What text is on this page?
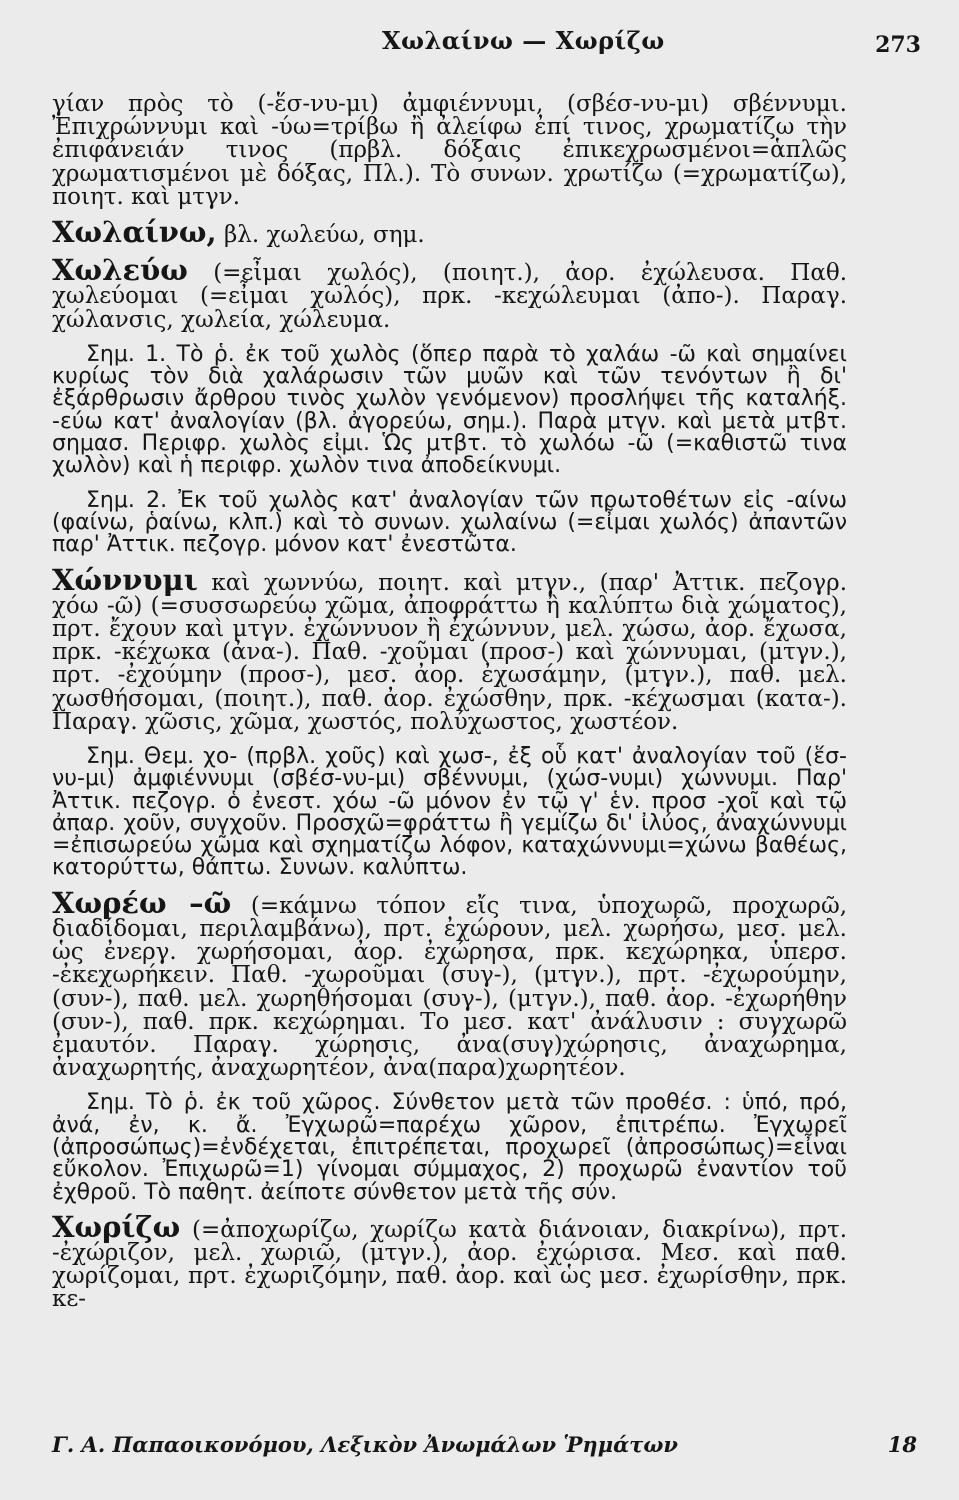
Χωλαίνω — Χωρίζω	273

γίαν πρὸς τὸ (-ἕσ-νυ-μι) ἀμφιέννυμι, (σβέσ-νυ-μι) σβέννυμι. Ἐπιχρώννυμι καὶ -ύω=τρίβω ἢ ἀλείφω ἐπί τινος, χρωματίζω τὴν ἐπιφάνειάν τινος (πρβλ. δόξαις ἐπικεχρωσμένοι=ἁπλῶς χρωματισμένοι μὲ δόξας, Πλ.). Τὸ συνων. χρωτίζω (=χρωματίζω), ποιητ. καὶ μτγν.

Χωλαίνω, βλ. χωλεύω, σημ.

Χωλεύω (=εἶμαι χωλός), (ποιητ.), ἀορ. ἐχώλευσα. Παθ. χωλεύομαι (=εἶμαι χωλός), πρκ. -κεχώλευμαι (ἀπο-). Παραγ. χώλανσις, χωλεία, χώλευμα.

Σημ. 1. Τὸ ῥ. ἐκ τοῦ χωλὸς (ὅπερ παρὰ τὸ χαλάω -ῶ καὶ σημαίνει κυρίως τὸν διὰ χαλάρωσιν τῶν μυῶν καὶ τῶν τενόντων ἢ δι' ἐξάρθρωσιν ἄρθρου τινὸς χωλὸν γενόμενον) προσλήψει τῆς καταλήξ. -εύω κατ' ἀναλογίαν (βλ. ἀγορεύω, σημ.). Παρὰ μτγν. καὶ μετὰ μτβτ. σημασ. Περιφρ. χωλὸς εἰμι. Ὡς μτβτ. τὸ χωλόω -ῶ (=καθιστῶ τινα χωλὸν) καὶ ἡ περιφρ. χωλὸν τινα ἀποδείκνυμι.

Σημ. 2. Ἐκ τοῦ χωλὸς κατ' ἀναλογίαν τῶν πρωτοθέτων εἰς -αίνω (φαίνω, ῥαίνω, κλπ.) καὶ τὸ συνων. χωλαίνω (=εἶμαι χωλός) ἀπαντῶν παρ' Ἀττικ. πεζογρ. μόνον κατ' ἐνεστῶτα.

Χώννυμι καὶ χωννύω, ποιητ. καὶ μτγν., (παρ' Ἀττικ. πεζογρ. χόω -ῶ) (=συσσωρεύω χῶμα, ἀποφράττω ἢ καλύπτω διὰ χώματος), πρτ. ἔχουν καὶ μτγν. ἐχώννυον ἢ ἐχώννυν, μελ. χώσω, ἀορ. ἔχωσα, πρκ. -κέχωκα (ἀνα-). Παθ. -χοῦμαι (προσ-) καὶ χώννυμαι, (μτγν.), πρτ. -ἐχούμην (προσ-), μεσ. ἀορ. ἐχωσάμην, (μτγν.), παθ. μελ. χωσθήσομαι, (ποιητ.), παθ. ἀορ. ἐχώσθην, πρκ. -κέχωσμαι (κατα-). Παραγ. χῶσις, χῶμα, χωστός, πολύχωστος, χωστέον.

Σημ. Θεμ. χο- (πρβλ. χοῦς) καὶ χωσ-, ἐξ οὗ κατ' ἀναλογίαν τοῦ (ἕσ-νυ-μι) ἀμφιέννυμι (σβέσ-νυ-μι) σβέννυμι, (χώσ-νυμι) χώννυμι. Παρ' Ἀττικ. πεζογρ. ὁ ἐνεστ. χόω -ῶ μόνον ἐν τῷ γ' ἑν. προσ -χοῖ καὶ τῷ ἀπαρ. χοῦν, συγχοῦν. Προσχῶ=φράττω ἢ γεμίζω δι' ἰλύος, ἀναχώννυμι =ἐπισωρεύω χῶμα καὶ σχηματίζω λόφον, καταχώννυμι=χώνω βαθέως, κατορύττω, θάπτω. Συνων. καλύπτω.

Χωρέω –ῶ (=κάμνω τόπον εἴς τινα, ὑποχωρῶ, προχωρῶ, διαδίδομαι, περιλαμβάνω), πρτ. ἐχώρουν, μελ. χωρήσω, μεσ. μελ. ὡς ἐνεργ. χωρήσομαι, ἀορ. ἐχώρησα, πρκ. κεχώρηκα, ὑπερσ. -ἐκεχωρήκειν. Παθ. -χωροῦμαι (συγ-), (μτγν.), πρτ. -ἐχωρούμην, (συν-), παθ. μελ. χωρηθήσομαι (συγ-), (μτγν.), παθ. ἀορ. -ἐχωρήθην (συν-), παθ. πρκ. κεχώρημαι. Το μεσ. κατ' ἀνάλυσιν : συγχωρῶ ἐμαυτόν. Παραγ. χώρησις, ἀνα(συγ)χώρησις, ἀναχώρημα, ἀναχωρητής, ἀναχωρητέον, ἀνα(παρα)χωρητέον.

Σημ. Τὸ ῥ. ἐκ τοῦ χῶρος. Σύνθετον μετὰ τῶν προθέσ. : ὑπό, πρό, ἀνά, ἐν, κ. ἄ. Ἐγχωρῶ=παρέχω χῶρον, ἐπιτρέπω. Ἐγχωρεῖ (ἀπροσώπως)=ἐνδέχεται, ἐπιτρέπεται, προχωρεῖ (ἀπροσώπως)=εἶναι εὔκολον. Ἐπιχωρῶ=1) γίνομαι σύμμαχος, 2) προχωρῶ ἐναντίον τοῦ ἐχθροῦ. Τὸ παθητ. ἀείποτε σύνθετον μετὰ τῆς σύν.

Χωρίζω (=ἀποχωρίζω, χωρίζω κατὰ διάνοιαν, διακρίνω), πρτ. -ἐχώριζον, μελ. χωριῶ, (μτγν.), ἀορ. ἐχώρισα. Μεσ. καὶ παθ. χωρίζομαι, πρτ. ἐχωριζόμην, παθ. ἀορ. καὶ ὡς μεσ. ἐχωρίσθην, πρκ. κε-

Γ. Α. Παπαοικονόμου, Λεξικὸν Ἀνωμάλων Ῥημάτων	18
